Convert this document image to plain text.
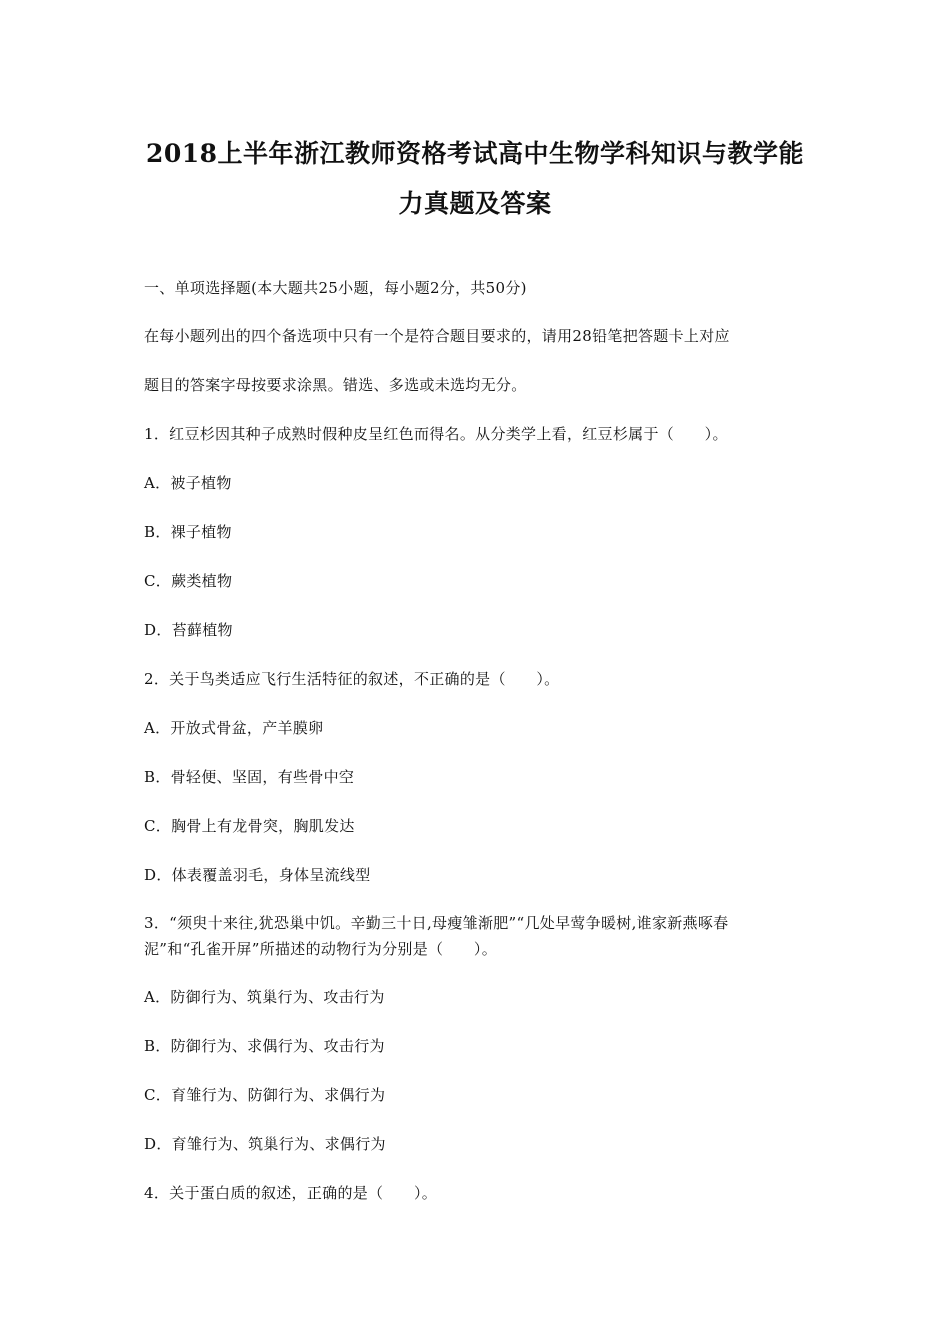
2018上半年浙江教师资格考试高中生物学科知识与教学能
力真题及答案
一、单项选择题(本大题共25小题，每小题2分，共50分)
在每小题列出的四个备选项中只有一个是符合题目要求的，请用28铅笔把答题卡上对应
题目的答案字母按要求涂黑。错选、多选或未选均无分。
1．红豆杉因其种子成熟时假种皮呈红色而得名。从分类学上看，红豆杉属于（　　）。
A．被子植物
B．裸子植物
C．蕨类植物
D．苔藓植物
2．关于鸟类适应飞行生活特征的叙述，不正确的是（　　）。
A．开放式骨盆，产羊膜卵
B．骨轻便、坚固，有些骨中空
C．胸骨上有龙骨突，胸肌发达
D．体表覆盖羽毛，身体呈流线型
3．“须臾十来往,犹恐巢中饥。辛勤三十日,母瘦雏渐肥”“几处早莺争暖树,谁家新燕啄春
泥”和“孔雀开屏”所描述的动物行为分别是（　　）。
A．防御行为、筑巢行为、攻击行为
B．防御行为、求偶行为、攻击行为
C．育雏行为、防御行为、求偶行为
D．育雏行为、筑巢行为、求偶行为
4．关于蛋白质的叙述，正确的是（　　）。
